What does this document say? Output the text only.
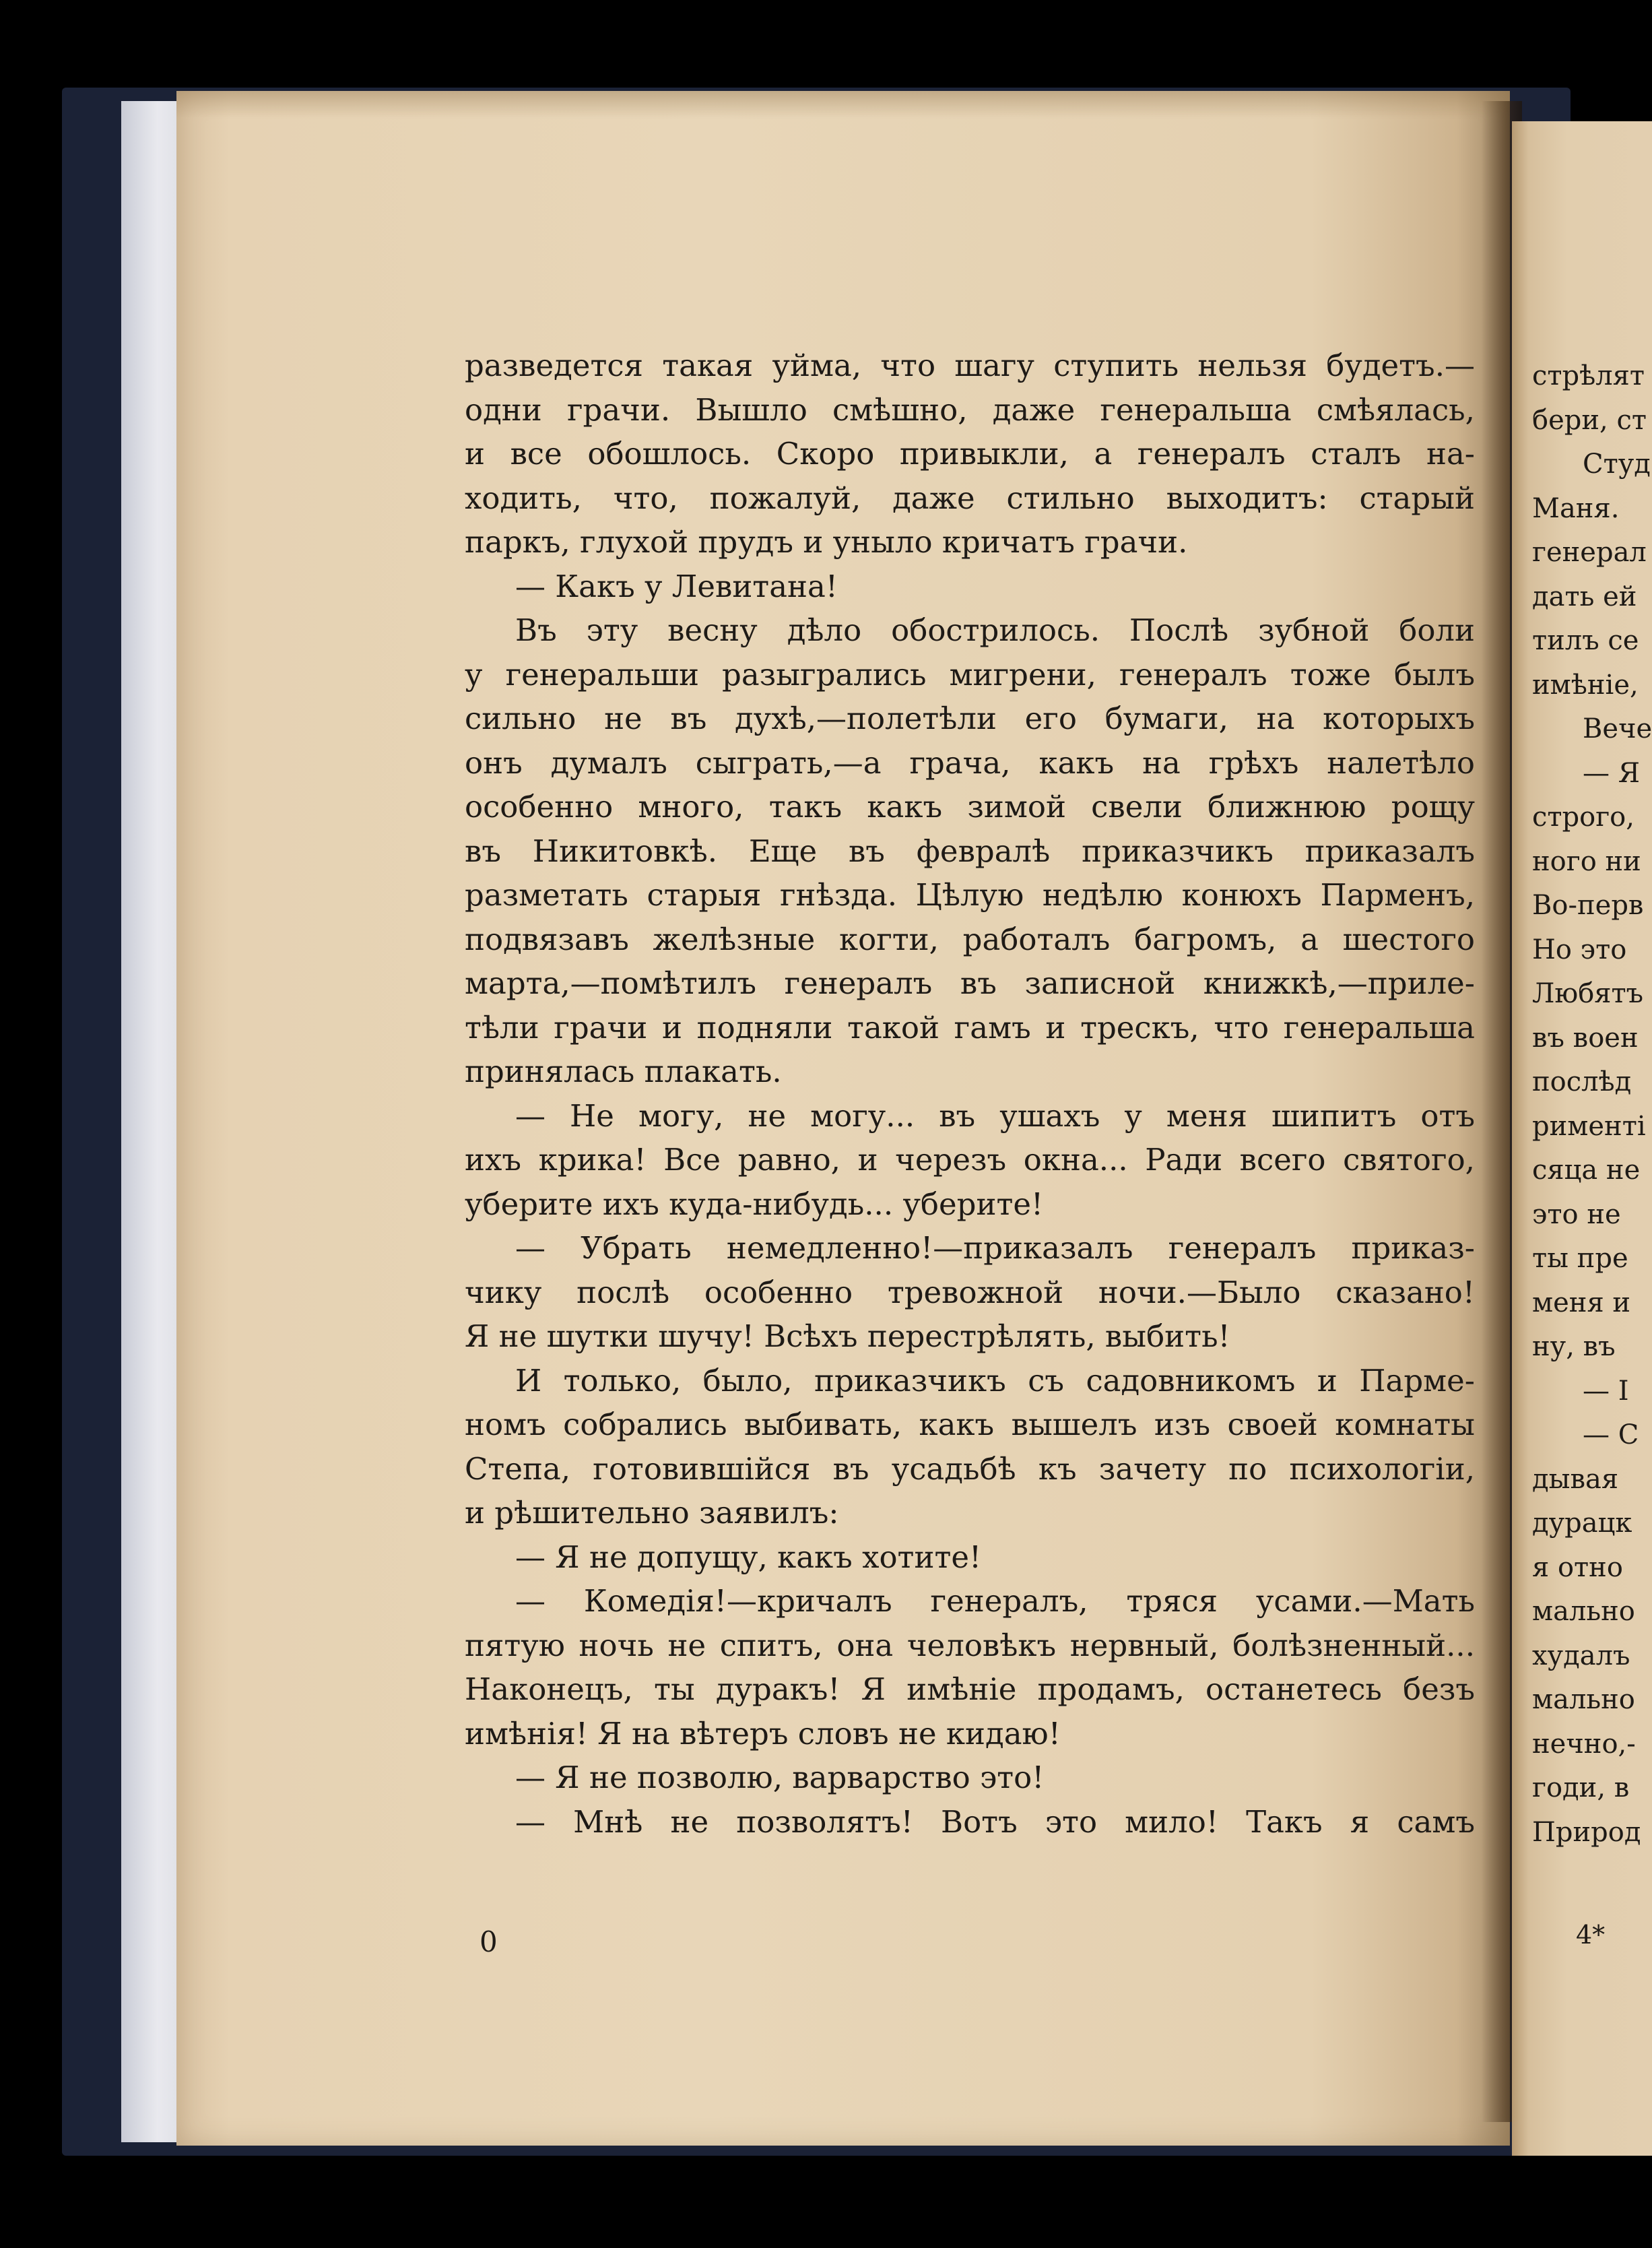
разведется такая уйма, что шагу ступить нельзя будетъ.—
одни грачи. Вышло смѣшно, даже генеральша смѣялась,
и все обошлось. Скоро привыкли, а генералъ сталъ на-
ходить, что, пожалуй, даже стильно выходитъ: старый
паркъ, глухой прудъ и уныло кричатъ грачи.
— Какъ у Левитана!
Въ эту весну дѣло обострилось. Послѣ зубной боли
у генеральши разыгрались мигрени, генералъ тоже былъ
сильно не въ духѣ,—полетѣли его бумаги, на которыхъ
онъ думалъ сыграть,—а грача, какъ на грѣхъ налетѣло
особенно много, такъ какъ зимой свели ближнюю рощу
въ Никитовкѣ. Еще въ февралѣ приказчикъ приказалъ
разметать старыя гнѣзда. Цѣлую недѣлю конюхъ Парменъ,
подвязавъ желѣзные когти, работалъ багромъ, а шестого
марта,—помѣтилъ генералъ въ записной книжкѣ,—приле-
тѣли грачи и подняли такой гамъ и трескъ, что генеральша
принялась плакать.
— Не могу, не могу... въ ушахъ у меня шипитъ отъ
ихъ крика! Все равно, и черезъ окна... Ради всего святого,
уберите ихъ куда-нибудь... уберите!
— Убрать немедленно!—приказалъ генералъ приказ-
чику послѣ особенно тревожной ночи.—Было сказано!
Я не шутки шучу! Всѣхъ перестрѣлять, выбить!
И только, было, приказчикъ съ садовникомъ и Парме-
номъ собрались выбивать, какъ вышелъ изъ своей комнаты
Степа, готовившійся въ усадьбѣ къ зачету по психологіи,
и рѣшительно заявилъ:
— Я не допущу, какъ хотите!
— Комедія!—кричалъ генералъ, тряся усами.—Мать
пятую ночь не спитъ, она человѣкъ нервный, болѣзненный...
Наконецъ, ты дуракъ! Я имѣніе продамъ, останетесь безъ
имѣнія! Я на вѣтеръ словъ не кидаю!
— Я не позволю, варварство это!
— Мнѣ не позволятъ! Вотъ это мило! Такъ я самъ
0
стрѣлят
бери, ст
Студ
Маня.
генерал
дать ей
тилъ се
имѣніе,
Вече
— Я
строго,
ного ни
Во-перв
Но это
Любятъ
въ воен
послѣд
рименті
сяца не
это не
ты пре
меня и
ну, въ
— І
— С
дывая
дурацк
я отно
мально
худалъ
мально
нечно,-
годи, в
Природ
4*
